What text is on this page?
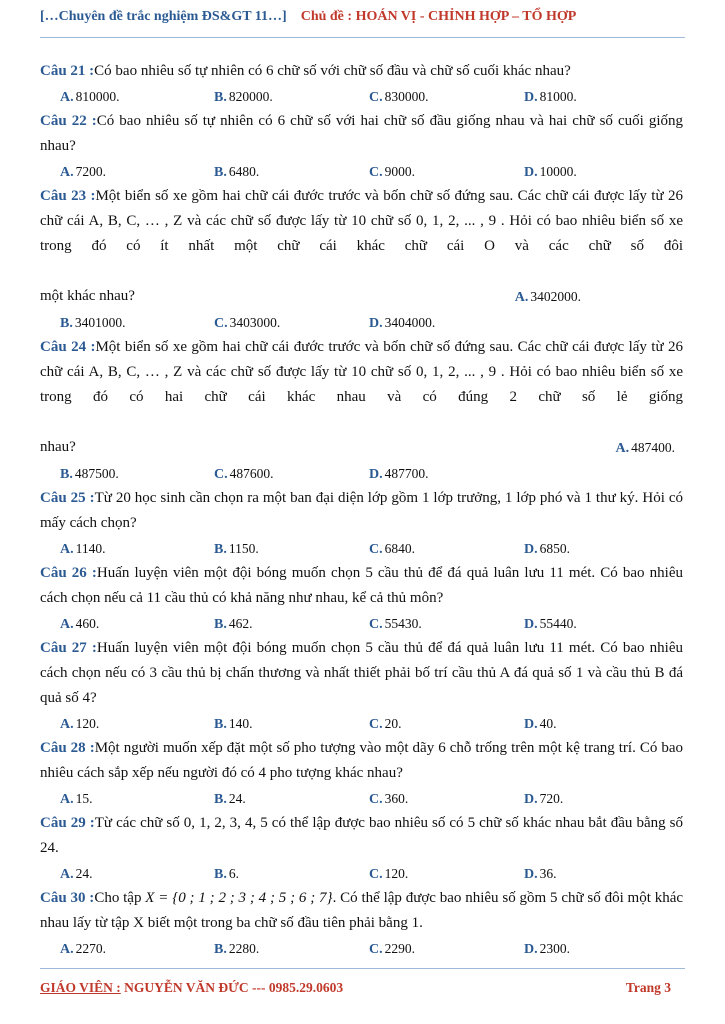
[…Chuyên đề trắc nghiệm ĐS&GT 11…] Chủ đề : HOÁN VỊ - CHỈNH HỢP – TỔ HỢP
Câu 21 :Có bao nhiêu số tự nhiên có 6 chữ số với chữ số đầu và chữ số cuối khác nhau?
A. 810000.	B. 820000.	C. 830000.	D. 81000.
Câu 22 :Có bao nhiêu số tự nhiên có 6 chữ số với hai chữ số đầu giống nhau và hai chữ số cuối giống nhau?
A. 7200.	B. 6480.	C. 9000.	D. 10000.
Câu 23 :Một biển số xe gồm hai chữ cái đước trước và bốn chữ số đứng sau. Các chữ cái được lấy từ 26 chữ cái A, B, C, … , Z và các chữ số được lấy từ 10 chữ số 0, 1, 2, ... , 9 . Hỏi có bao nhiêu biển số xe trong đó có ít nhất một chữ cái khác chữ cái O và các chữ số đôi
một khác nhau?	A. 3402000.
B. 3401000.	C. 3403000.	D. 3404000.
Câu 24 :Một biển số xe gồm hai chữ cái đước trước và bốn chữ số đứng sau. Các chữ cái được lấy từ 26 chữ cái A, B, C, … , Z và các chữ số được lấy từ 10 chữ số 0, 1, 2, ... , 9 . Hỏi có bao nhiêu biển số xe trong đó có hai chữ cái khác nhau và có đúng 2 chữ số lẻ giống
nhau?	A. 487400.
B. 487500.	C. 487600.	D. 487700.
Câu 25 :Từ 20 học sinh cần chọn ra một ban đại diện lớp gồm 1 lớp trưởng, 1 lớp phó và 1 thư ký. Hỏi có mấy cách chọn?
A. 1140.	B. 1150.	C. 6840.	D. 6850.
Câu 26 :Huấn luyện viên một đội bóng muốn chọn 5 cầu thủ để đá quả luân lưu 11 mét. Có bao nhiêu cách chọn nếu cả 11 cầu thủ có khả năng như nhau, kể cả thủ môn?
A. 460.	B. 462.	C. 55430.	D. 55440.
Câu 27 :Huấn luyện viên một đội bóng muốn chọn 5 cầu thủ để đá quả luân lưu 11 mét. Có bao nhiêu cách chọn nếu có 3 cầu thủ bị chấn thương và nhất thiết phải bố trí cầu thủ A đá quả số 1 và cầu thủ B đá quả số 4?
A. 120.	B. 140.	C. 20.	D. 40.
Câu 28 :Một người muốn xếp đặt một số pho tượng vào một dãy 6 chỗ trống trên một kệ trang trí. Có bao nhiêu cách sắp xếp nếu người đó có 4 pho tượng khác nhau?
A. 15.	B. 24.	C. 360.	D. 720.
Câu 29 :Từ các chữ số 0, 1, 2, 3, 4, 5 có thể lập được bao nhiêu số có 5 chữ số khác nhau bắt đầu bằng số 24.
A. 24.	B. 6.	C. 120.	D. 36.
Câu 30 :Cho tập X = {0 ; 1 ; 2 ; 3 ; 4 ; 5 ; 6 ; 7}. Có thể lập được bao nhiêu số gồm 5 chữ số đôi một khác nhau lấy từ tập X biết một trong ba chữ số đầu tiên phải bằng 1.
A. 2270.	B. 2280.	C. 2290.	D. 2300.
GIÁO VIÊN : NGUYỄN VĂN ĐỨC --- 0985.29.0603	Trang 3
